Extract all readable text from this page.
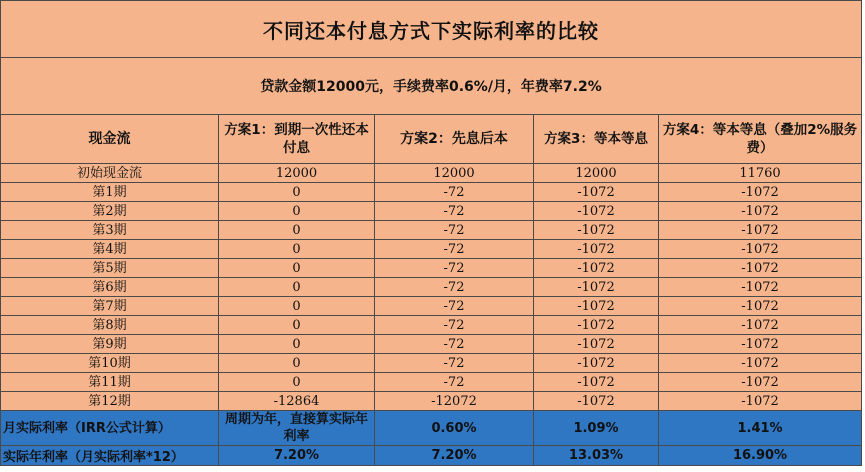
不同还本付息方式下实际利率的比较				
贷款金额12000元，手续费率0.6%/月，年费率7.2%				
现金流	方案1：到期一次性还本付息	方案2：先息后本	方案3：等本等息	方案4：等本等息（叠加2%服务费）
初始现金流	12000	12000	12000	11760
第1期	0	-72	-1072	-1072
第2期	0	-72	-1072	-1072
第3期	0	-72	-1072	-1072
第4期	0	-72	-1072	-1072
第5期	0	-72	-1072	-1072
第6期	0	-72	-1072	-1072
第7期	0	-72	-1072	-1072
第8期	0	-72	-1072	-1072
第9期	0	-72	-1072	-1072
第10期	0	-72	-1072	-1072
第11期	0	-72	-1072	-1072
第12期	-12864	-12072	-1072	-1072
月实际利率（IRR公式计算）	周期为年，直接算实际年利率	0.60%	1.09%	1.41%
实际年利率（月实际利率*12）	7.20%	7.20%	13.03%	16.90%
